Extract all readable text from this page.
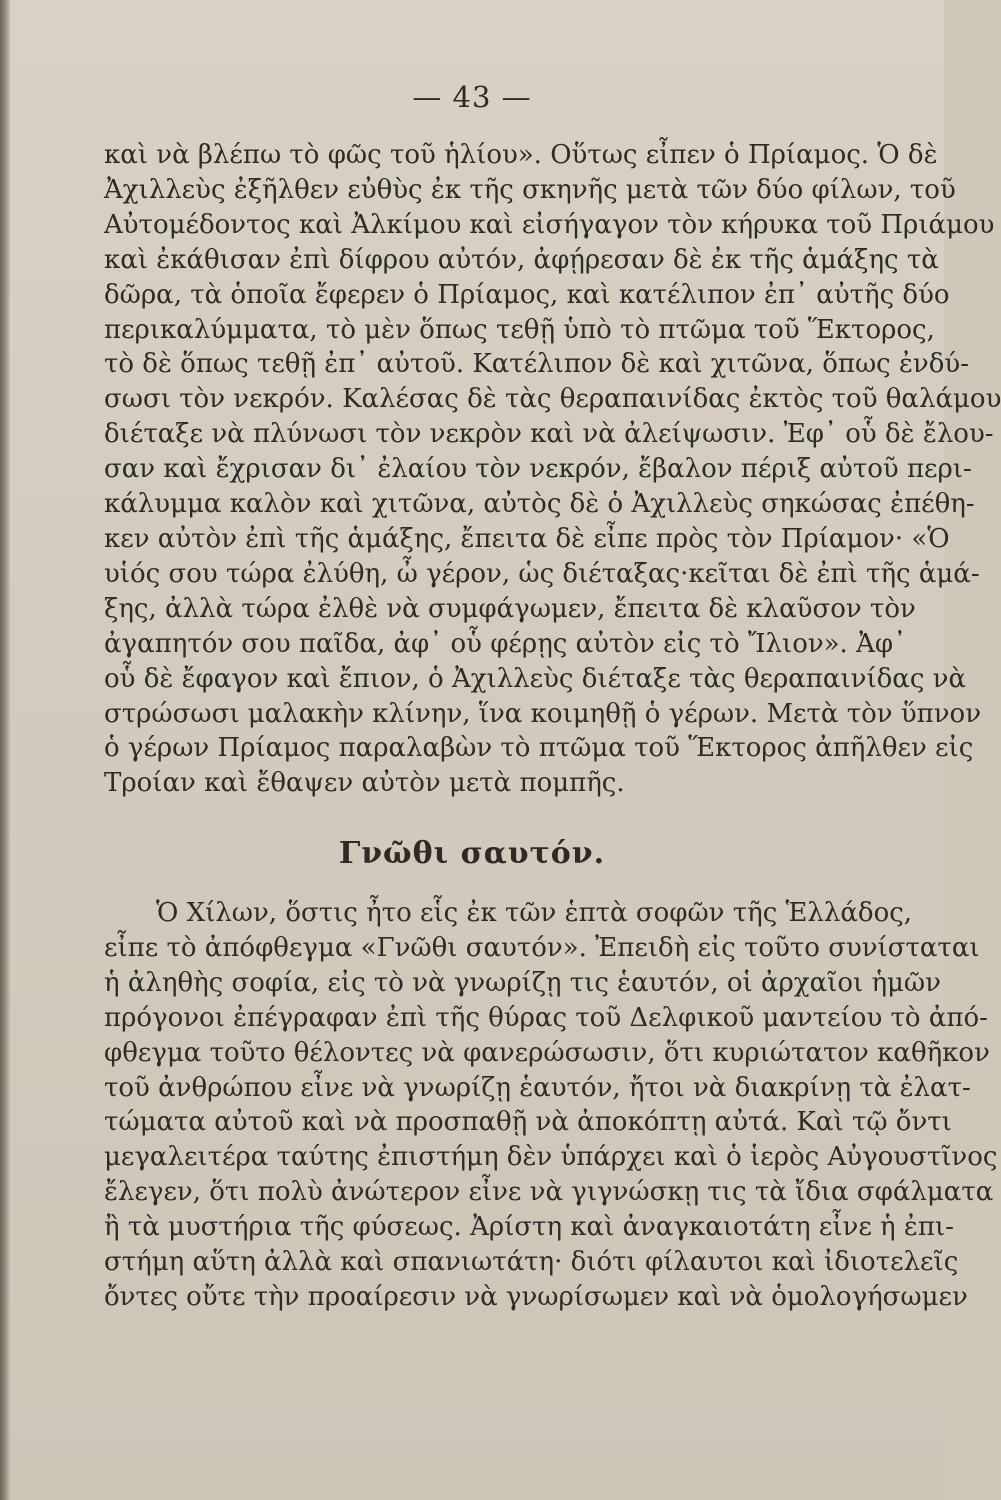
— 43 —
καὶ νὰ βλέπω τὸ φῶς τοῦ ἡλίου». Οὕτως εἶπεν ὁ Πρίαμος. Ὁ δὲ
Ἀχιλλεὺς ἐξῆλθεν εὐθὺς ἐκ τῆς σκηνῆς μετὰ τῶν δύο φίλων, τοῦ
Αὐτομέδοντος καὶ Ἀλκίμου καὶ εἰσήγαγον τὸν κήρυκα τοῦ Πριάμου
καὶ ἐκάθισαν ἐπὶ δίφρου αὐτόν, ἀφῄρεσαν δὲ ἐκ τῆς ἁμάξης τὰ
δῶρα, τὰ ὁποῖα ἔφερεν ὁ Πρίαμος, καὶ κατέλιπον ἐπ᾽ αὐτῆς δύο
περικαλύμματα, τὸ μὲν ὅπως τεθῇ ὑπὸ τὸ πτῶμα τοῦ Ἕκτορος,
τὸ δὲ ὅπως τεθῇ ἐπ᾽ αὐτοῦ. Κατέλιπον δὲ καὶ χιτῶνα, ὅπως ἐνδύ-
σωσι τὸν νεκρόν. Καλέσας δὲ τὰς θεραπαινίδας ἐκτὸς τοῦ θαλάμου
διέταξε νὰ πλύνωσι τὸν νεκρὸν καὶ νὰ ἀλείψωσιν. Ἐφ᾽ οὗ δὲ ἔλου-
σαν καὶ ἔχρισαν δι᾽ ἐλαίου τὸν νεκρόν, ἔβαλον πέριξ αὐτοῦ περι-
κάλυμμα καλὸν καὶ χιτῶνα, αὐτὸς δὲ ὁ Ἀχιλλεὺς σηκώσας ἐπέθη-
κεν αὐτὸν ἐπὶ τῆς ἁμάξης, ἔπειτα δὲ εἶπε πρὸς τὸν Πρίαμον· «Ὁ
υἱός σου τώρα ἐλύθη, ὦ γέρον, ὡς διέταξας·κεῖται δὲ ἐπὶ τῆς ἁμά-
ξης, ἀλλὰ τώρα ἐλθὲ νὰ συμφάγωμεν, ἔπειτα δὲ κλαῦσον τὸν
ἀγαπητόν σου παῖδα, ἀφ᾽ οὗ φέρῃς αὐτὸν εἰς τὸ Ἴλιον». Ἀφ᾽
οὗ δὲ ἔφαγον καὶ ἔπιον, ὁ Ἀχιλλεὺς διέταξε τὰς θεραπαινίδας νὰ
στρώσωσι μαλακὴν κλίνην, ἵνα κοιμηθῇ ὁ γέρων. Μετὰ τὸν ὕπνον
ὁ γέρων Πρίαμος παραλαβὼν τὸ πτῶμα τοῦ Ἕκτορος ἀπῆλθεν εἰς
Τροίαν καὶ ἔθαψεν αὐτὸν μετὰ πομπῆς.
Γνῶθι σαυτόν.
Ὁ Χίλων, ὅστις ἦτο εἷς ἐκ τῶν ἑπτὰ σοφῶν τῆς Ἑλλάδος,
εἶπε τὸ ἀπόφθεγμα «Γνῶθι σαυτόν». Ἐπειδὴ εἰς τοῦτο συνίσταται
ἡ ἀληθὴς σοφία, εἰς τὸ νὰ γνωρίζῃ τις ἑαυτόν, οἱ ἀρχαῖοι ἡμῶν
πρόγονοι ἐπέγραφαν ἐπὶ τῆς θύρας τοῦ Δελφικοῦ μαντείου τὸ ἀπό-
φθεγμα τοῦτο θέλοντες νὰ φανερώσωσιν, ὅτι κυριώτατον καθῆκον
τοῦ ἀνθρώπου εἶνε νὰ γνωρίζῃ ἑαυτόν, ἤτοι νὰ διακρίνῃ τὰ ἐλατ-
τώματα αὐτοῦ καὶ νὰ προσπαθῇ νὰ ἀποκόπτῃ αὐτά. Καὶ τῷ ὄντι
μεγαλειτέρα ταύτης ἐπιστήμη δὲν ὑπάρχει καὶ ὁ ἱερὸς Αὐγουστῖνος
ἔλεγεν, ὅτι πολὺ ἀνώτερον εἶνε νὰ γιγνώσκῃ τις τὰ ἴδια σφάλματα
ἢ τὰ μυστήρια τῆς φύσεως. Ἀρίστη καὶ ἀναγκαιοτάτη εἶνε ἡ ἐπι-
στήμη αὕτη ἀλλὰ καὶ σπανιωτάτη· διότι φίλαυτοι καὶ ἰδιοτελεῖς
ὄντες οὔτε τὴν προαίρεσιν νὰ γνωρίσωμεν καὶ νὰ ὁμολογήσωμεν
